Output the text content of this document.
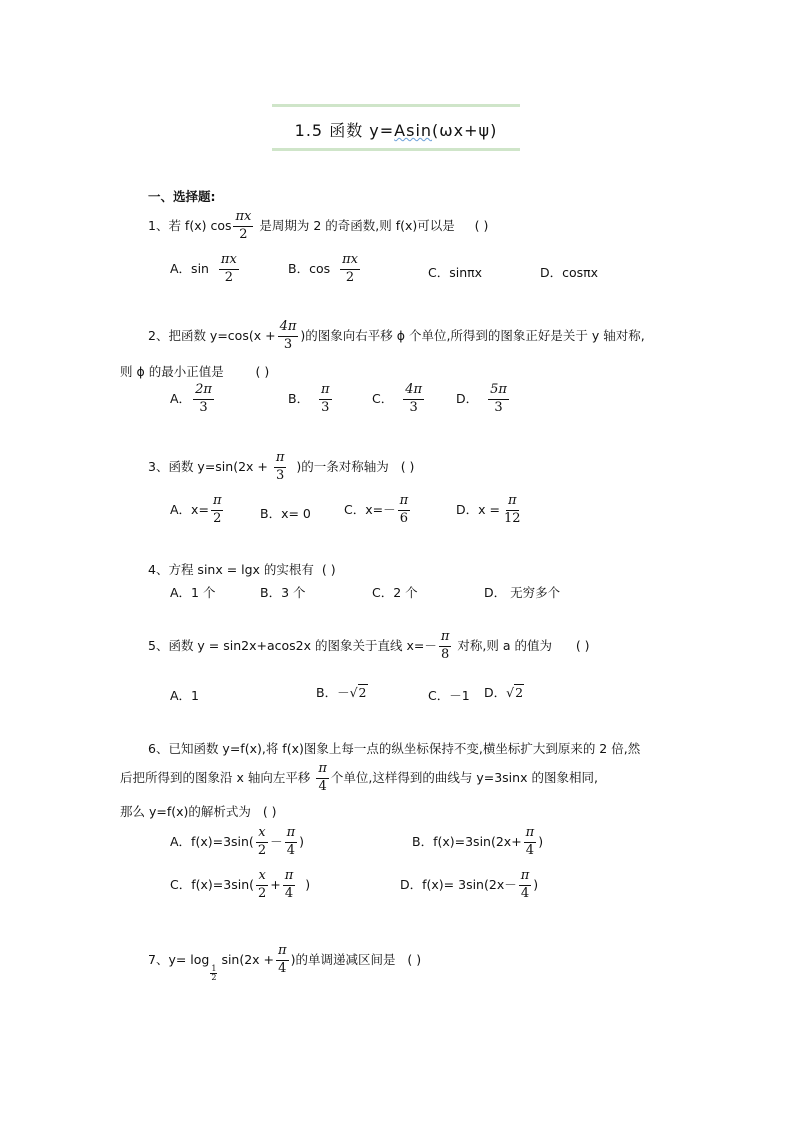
1.5 函数 y=Asin(ωx+ψ)
一、选择题:
1、若 f(x) $\cos \frac{\pi x}{2}$ 是周期为 2 的奇函数,则 f(x)可以是 ( )
A．$\sin \frac{\pi x}{2}$	B．$\cos \frac{\pi x}{2}$	C．sinπx	D．cosπx
2、把函数 $y=\cos(x + \frac{4\pi}{3}$ )的图象向右平移 ϕ 个单位,所得到的图象正好是关于 y 轴对称,
则 ϕ 的最小正值是	( )
A． $\frac{2\pi}{3}$	B． $\frac{\pi}{3}$	C． $\frac{4\pi}{3}$	D． $\frac{5\pi}{3}$
3、函数 $y=\sin(2x + \frac{\pi}{3}$ )的一条对称轴为 ( )
A．$x= \frac{\pi}{2}$	B．x= 0	C．$x=- \frac{\pi}{6}$	D．$x = \frac{\pi}{12}$
4、方程 sinx = lgx 的实根有 ( )
A．1 个	B．3 个	C．2 个	D． 无穷多个
5、函数 y = sin2x+acos2x 的图象关于直线 $x=- \frac{\pi}{8}$ 对称,则 a 的值为 ( )
A．1	B．－√2	C．－1 D．√2
6、已知函数 y=f(x),将 f(x)图象上每一点的纵坐标保持不变,横坐标扩大到原来的 2 倍,然
后把所得到的图象沿 x 轴向左平移 $\frac{\pi}{4}$ 个单位,这样得到的曲线与 y=3sinx 的图象相同,
那么 y=f(x)的解析式为 ( )
A．$f(x)=3\sin( \frac{x}{2} - \frac{\pi}{4}$ )	B．$f(x)=3\sin(2x+ \frac{\pi}{4}$ )
C．$f(x)=3\sin( \frac{x}{2} + \frac{\pi}{4}$ )	D．$f(x)= 3\sin(2x- \frac{\pi}{4}$ )
7、y= log
$_{\frac{1}{2}}$
$\sin(2x + \frac{\pi}{4}$ )的单调递减区间是 ( )
